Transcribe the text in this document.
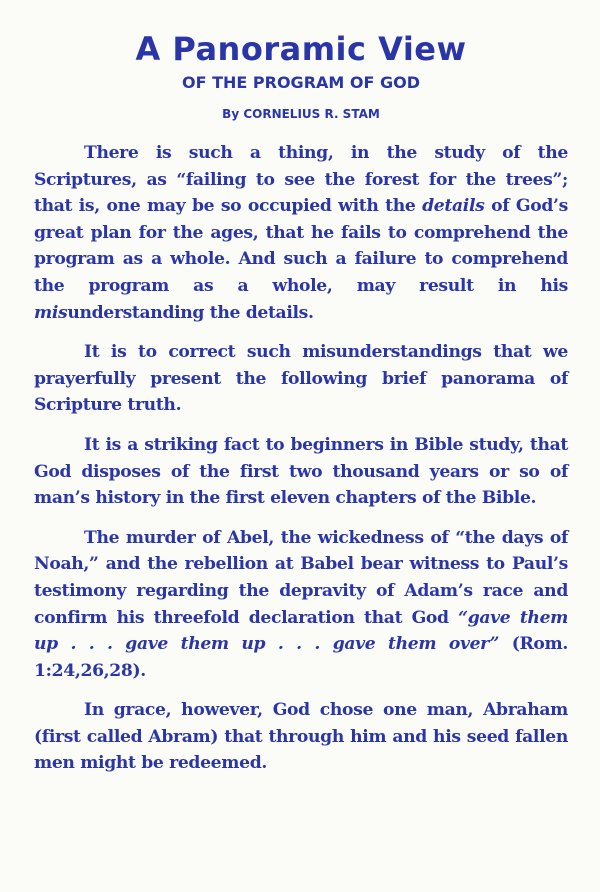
A Panoramic View
OF THE PROGRAM OF GOD
By CORNELIUS R. STAM

There is such a thing, in the study of the Scriptures, as “failing to see the forest for the trees”; that is, one may be so occupied with the details of God’s great plan for the ages, that he fails to comprehend the program as a whole. And such a failure to comprehend the program as a whole, may result in his misunderstanding the details.

It is to correct such misunderstandings that we prayerfully present the following brief panorama of Scripture truth.

It is a striking fact to beginners in Bible study, that God disposes of the first two thousand years or so of man’s history in the first eleven chapters of the Bible.

The murder of Abel, the wickedness of “the days of Noah,” and the rebellion at Babel bear witness to Paul’s testimony regarding the depravity of Adam’s race and confirm his threefold declaration that God “gave them up . . . gave them up . . . gave them over” (Rom. 1:24,26,28).

In grace, however, God chose one man, Abraham (first called Abram) that through him and his seed fallen men might be redeemed.
